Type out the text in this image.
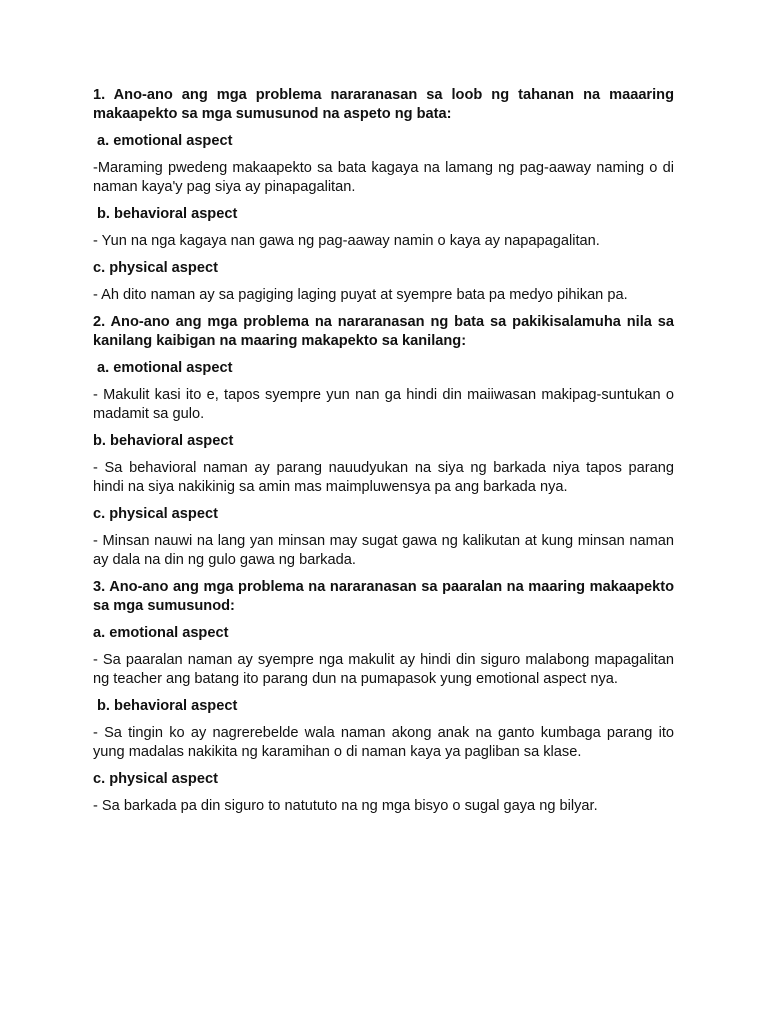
1. Ano-ano ang mga problema nararanasan sa loob ng tahanan na maaaring makaapekto sa mga sumusunod na aspeto ng bata:

a. emotional aspect

-Maraming pwedeng makaapekto sa bata kagaya na lamang ng pag-aaway naming o di naman kaya'y pag siya ay pinapagalitan.

b. behavioral aspect

- Yun na nga kagaya nan gawa ng pag-aaway namin o kaya ay napapagalitan.

c. physical aspect

- Ah dito naman ay sa pagiging laging puyat at syempre bata pa medyo pihikan pa.

2. Ano-ano ang mga problema na nararanasan ng bata sa pakikisalamuha nila sa kanilang kaibigan na maaring makapekto sa kanilang:

a. emotional aspect

- Makulit kasi ito e, tapos syempre yun nan ga hindi din maiiwasan makipag-suntukan o madamit sa gulo.

b. behavioral aspect

- Sa behavioral naman ay parang nauudyukan na siya ng barkada niya tapos parang hindi na siya nakikinig sa amin mas maimpluwensya pa ang barkada nya.

c. physical aspect

- Minsan nauwi na lang yan minsan may sugat gawa ng kalikutan at kung minsan naman ay dala na din ng gulo gawa ng barkada.

3. Ano-ano ang mga problema na nararanasan sa paaralan na maaring makaapekto sa mga sumusunod:

a. emotional aspect

- Sa paaralan naman ay syempre nga makulit ay hindi din siguro malabong mapagalitan ng teacher ang batang ito parang dun na pumapasok yung emotional aspect nya.

b. behavioral aspect

- Sa tingin ko ay nagrerebelde wala naman akong anak na ganto kumbaga parang ito yung madalas nakikita ng karamihan o di naman kaya ya pagliban sa klase.

c. physical aspect

- Sa barkada pa din siguro to natututo na ng mga bisyo o sugal gaya ng bilyar.
